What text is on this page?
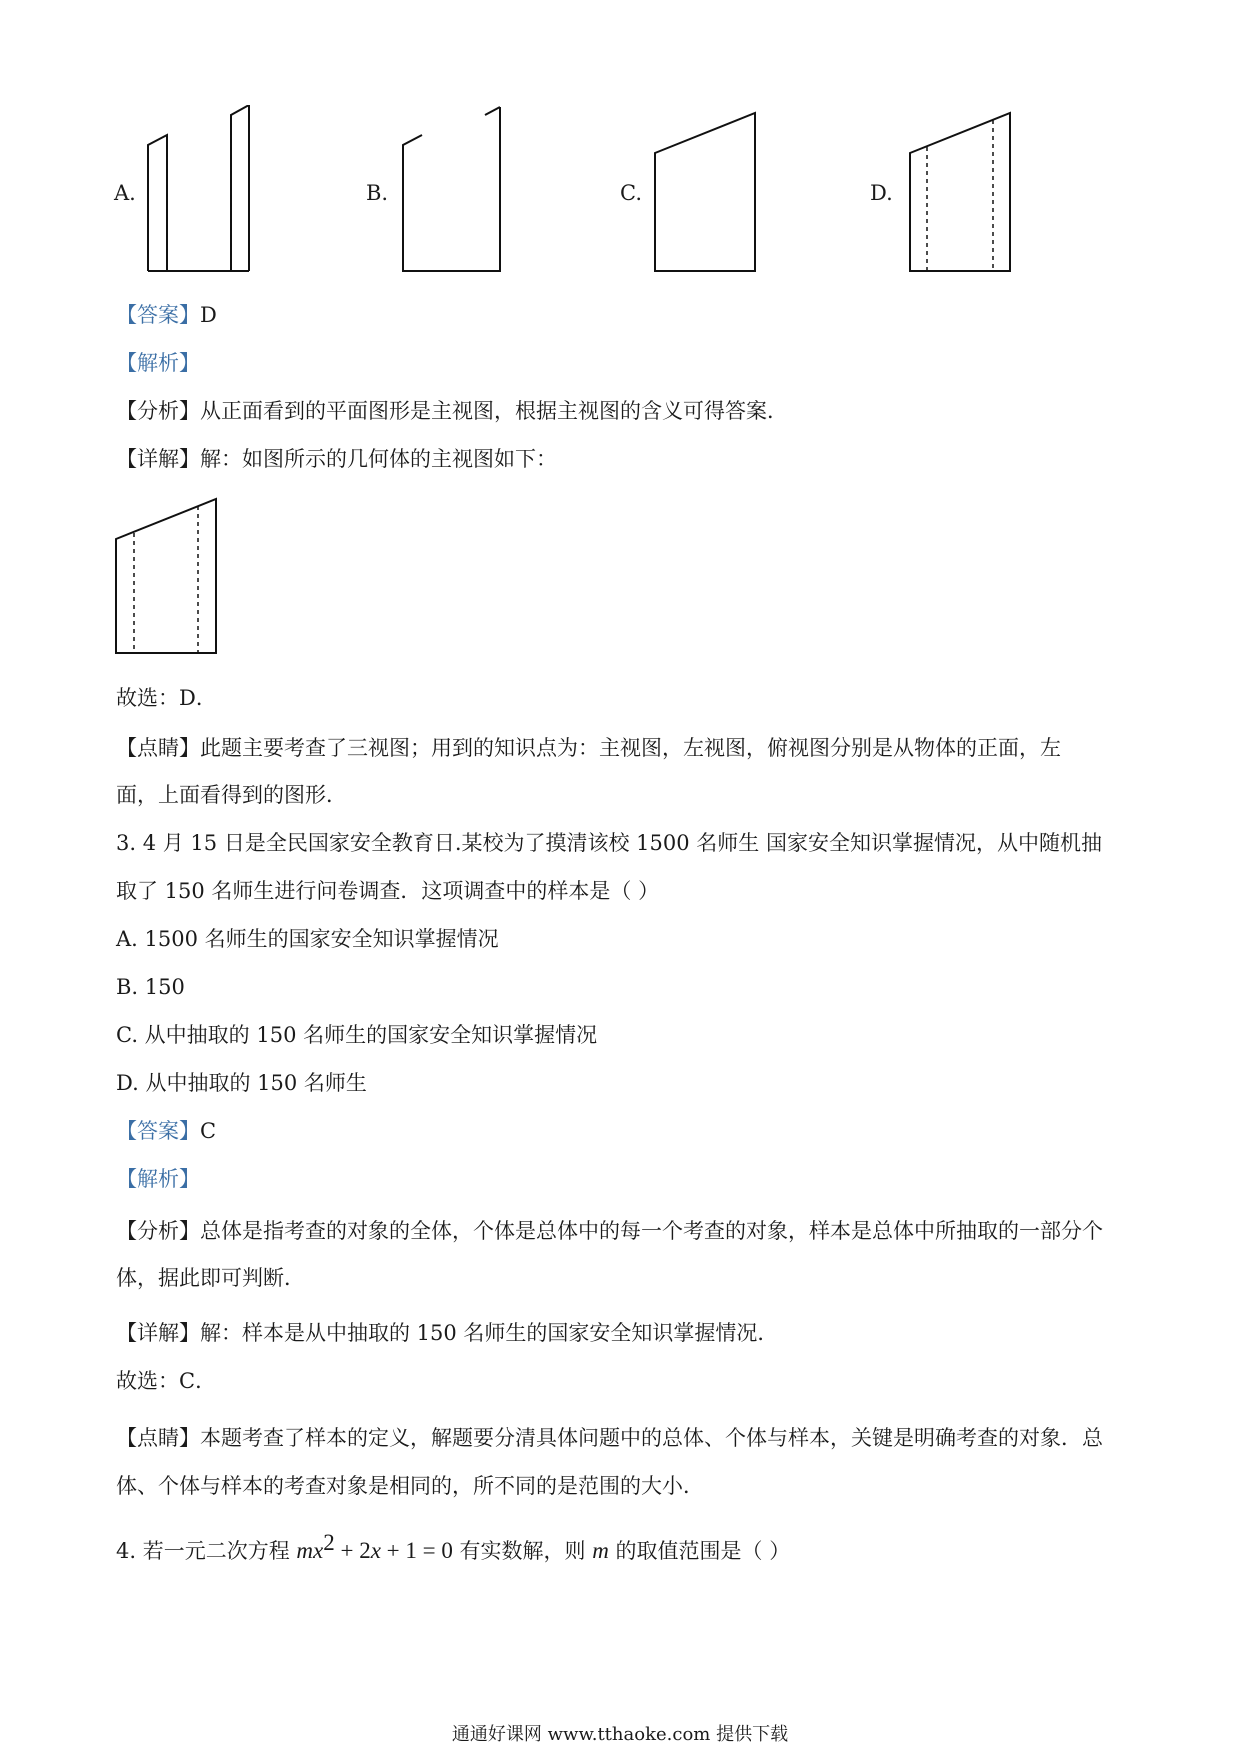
A.	B.	C.	D.
【答案】D
【解析】
【分析】从正面看到的平面图形是主视图，根据主视图的含义可得答案．
【详解】解：如图所示的几何体的主视图如下：
故选：D．
【点睛】此题主要考查了三视图；用到的知识点为：主视图，左视图，俯视图分别是从物体的正面，左
面，上面看得到的图形．
3. 4 月 15 日是全民国家安全教育日.某校为了摸清该校 1500 名师生 国家安全知识掌握情况，从中随机抽
取了 150 名师生进行问卷调查．这项调查中的样本是（ ）
A. 1500 名师生的国家安全知识掌握情况
B. 150
C. 从中抽取的 150 名师生的国家安全知识掌握情况
D. 从中抽取的 150 名师生
【答案】C
【解析】
【分析】总体是指考查的对象的全体，个体是总体中的每一个考查的对象，样本是总体中所抽取的一部分个
体，据此即可判断．
【详解】解：样本是从中抽取的 150 名师生的国家安全知识掌握情况．
故选：C．
【点睛】本题考查了样本的定义，解题要分清具体问题中的总体、个体与样本，关键是明确考查的对象．总
体、个体与样本的考查对象是相同的，所不同的是范围的大小．
4. 若一元二次方程 $mx^2 + 2x + 1 = 0$ 有实数解，则 m 的取值范围是（ ）
通通好课网 www.tthaoke.com 提供下载
